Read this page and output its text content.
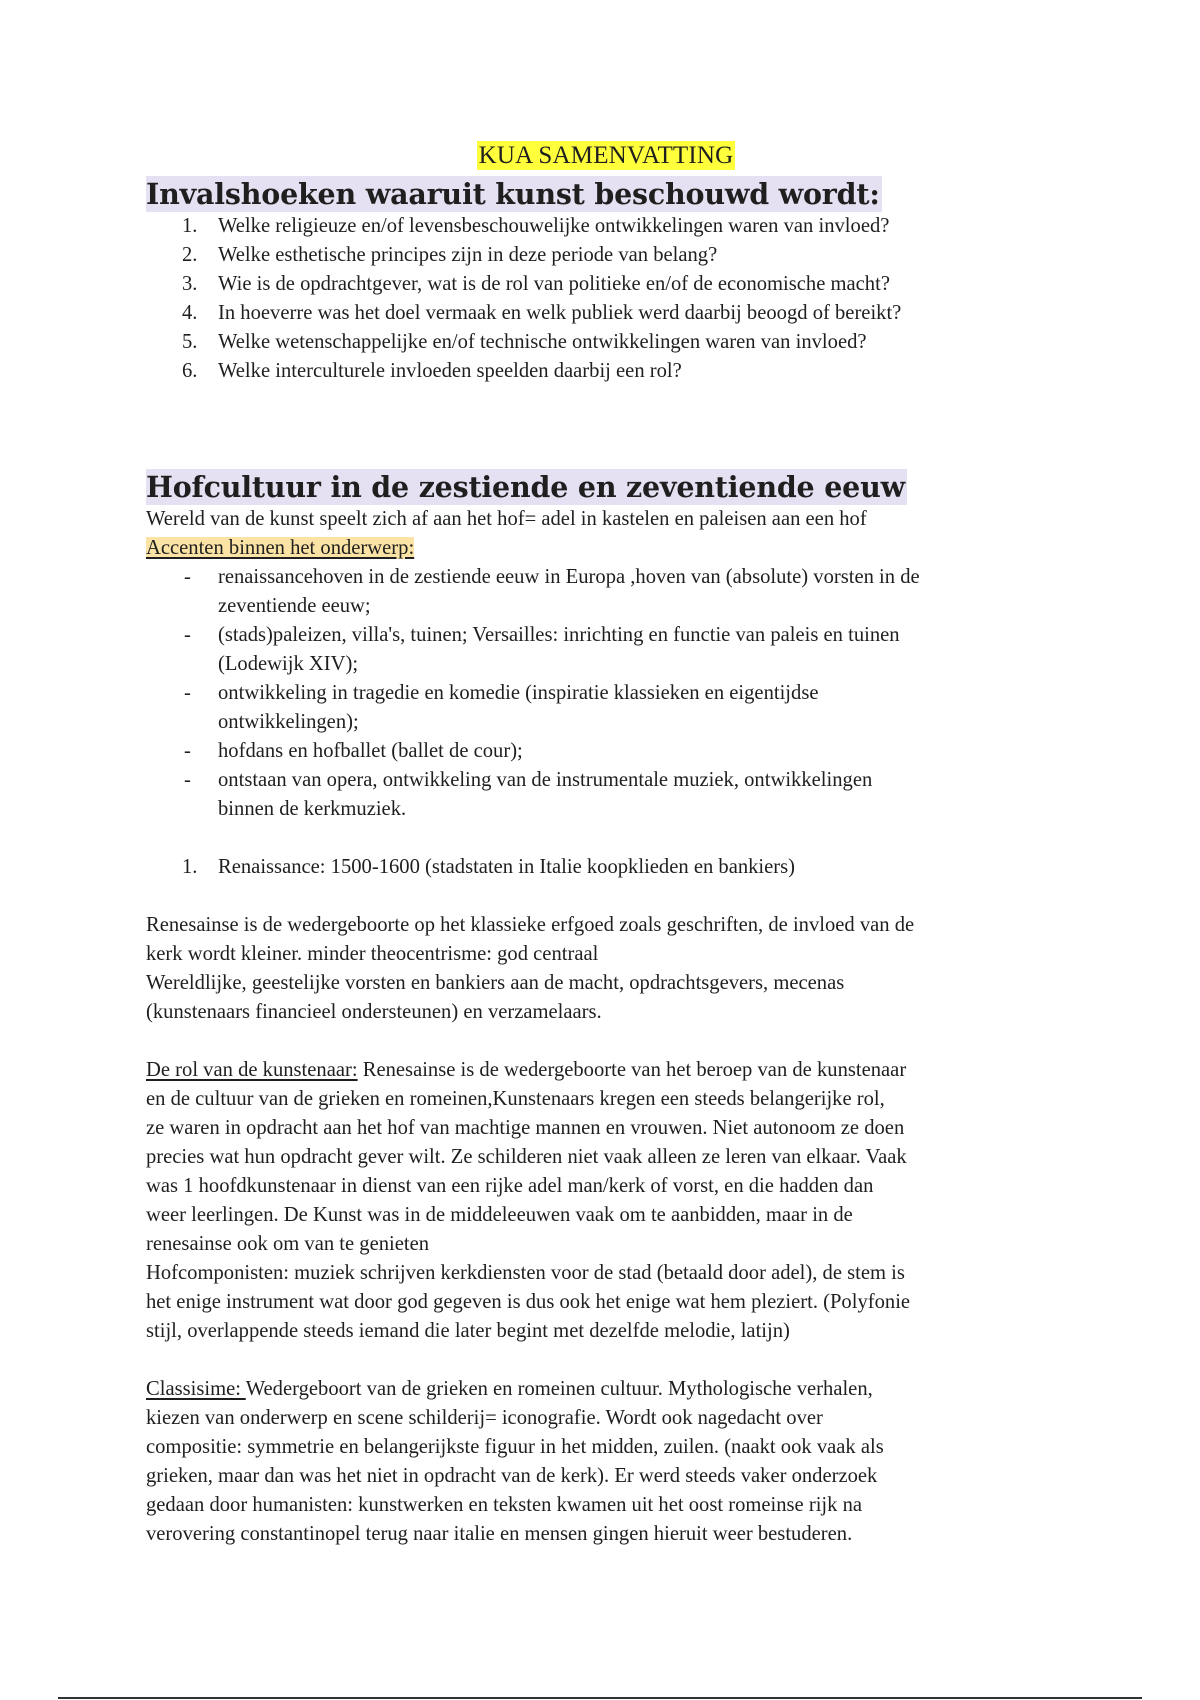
KUA SAMENVATTING
Invalshoeken waaruit kunst beschouwd wordt:
1. Welke religieuze en/of levensbeschouwelijke ontwikkelingen waren van invloed?
2. Welke esthetische principes zijn in deze periode van belang?
3. Wie is de opdrachtgever, wat is de rol van politieke en/of de economische macht?
4. In hoeverre was het doel vermaak en welk publiek werd daarbij beoogd of bereikt?
5. Welke wetenschappelijke en/of technische ontwikkelingen waren van invloed?
6. Welke interculturele invloeden speelden daarbij een rol?
Hofcultuur in de zestiende en zeventiende eeuw

Wereld van de kunst speelt zich af aan het hof= adel in kastelen en paleisen aan een hof

Accenten binnen het onderwerp:

- renaissancehoven in de zestiende eeuw in Europa ,hoven van (absolute) vorsten in de
zeventiende eeuw;
- (stads)paleizen, villa's, tuinen; Versailles: inrichting en functie van paleis en tuinen
(Lodewijk XIV);
- ontwikkeling in tragedie en komedie (inspiratie klassieken en eigentijdse
ontwikkelingen);
- hofdans en hofballet (ballet de cour);
- ontstaan van opera, ontwikkeling van de instrumentale muziek, ontwikkelingen
binnen de kerkmuziek.
1. Renaissance: 1500-1600 (stadstaten in Italie koopklieden en bankiers)

Renesainse is de wedergeboorte op het klassieke erfgoed zoals geschriften, de invloed van de

kerk wordt kleiner. minder theocentrisme: god centraal

Wereldlijke, geestelijke vorsten en bankiers aan de macht, opdrachtsgevers, mecenas

(kunstenaars financieel ondersteunen) en verzamelaars.

De rol van de kunstenaar: Renesainse is de wedergeboorte van het beroep van de kunstenaar

en de cultuur van de grieken en romeinen,Kunstenaars kregen een steeds belangerijke rol,

ze waren in opdracht aan het hof van machtige mannen en vrouwen. Niet autonoom ze doen

precies wat hun opdracht gever wilt. Ze schilderen niet vaak alleen ze leren van elkaar. Vaak

was 1 hoofdkunstenaar in dienst van een rijke adel man/kerk of vorst, en die hadden dan

weer leerlingen. De Kunst was in de middeleeuwen vaak om te aanbidden, maar in de

renesainse ook om van te genieten

Hofcomponisten: muziek schrijven kerkdiensten voor de stad (betaald door adel), de stem is

het enige instrument wat door god gegeven is dus ook het enige wat hem pleziert. (Polyfonie

stijl, overlappende steeds iemand die later begint met dezelfde melodie, latijn)

Classisime: Wedergeboort van de grieken en romeinen cultuur. Mythologische verhalen,

kiezen van onderwerp en scene schilderij= iconografie. Wordt ook nagedacht over

compositie: symmetrie en belangerijkste figuur in het midden, zuilen. (naakt ook vaak als

grieken, maar dan was het niet in opdracht van de kerk). Er werd steeds vaker onderzoek

gedaan door humanisten: kunstwerken en teksten kwamen uit het oost romeinse rijk na

verovering constantinopel terug naar italie en mensen gingen hieruit weer bestuderen.
